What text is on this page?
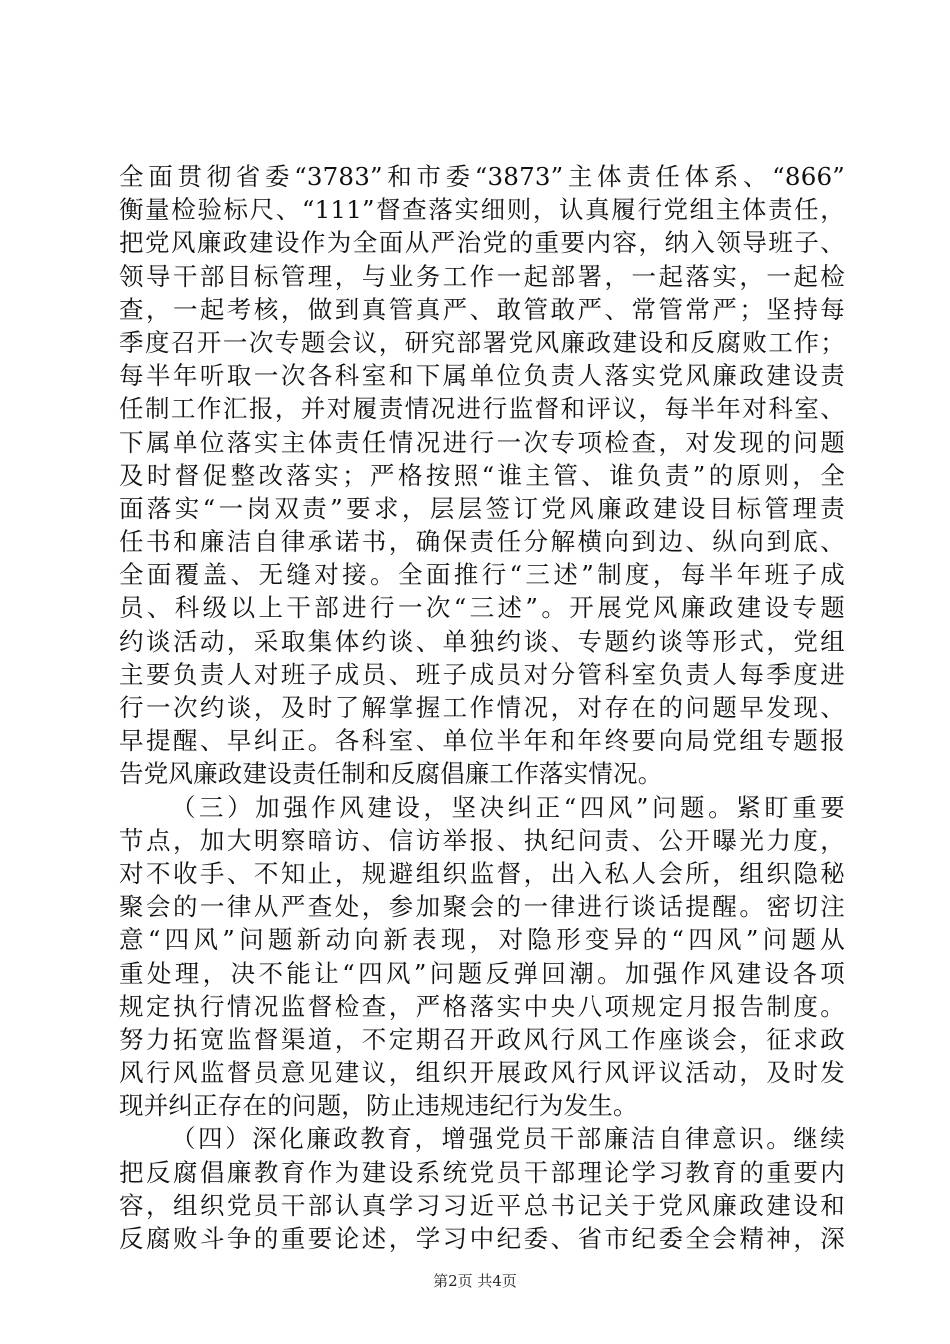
全面贯彻省委“3783”和市委“3873”主体责任体系、“866”
衡量检验标尺、“111”督查落实细则，认真履行党组主体责任，
把党风廉政建设作为全面从严治党的重要内容，纳入领导班子、
领导干部目标管理，与业务工作一起部署，一起落实，一起检
查，一起考核，做到真管真严、敢管敢严、常管常严；坚持每
季度召开一次专题会议，研究部署党风廉政建设和反腐败工作；
每半年听取一次各科室和下属单位负责人落实党风廉政建设责
任制工作汇报，并对履责情况进行监督和评议，每半年对科室、
下属单位落实主体责任情况进行一次专项检查，对发现的问题
及时督促整改落实；严格按照“谁主管、谁负责”的原则，全
面落实“一岗双责”要求，层层签订党风廉政建设目标管理责
任书和廉洁自律承诺书，确保责任分解横向到边、纵向到底、
全面覆盖、无缝对接。全面推行“三述”制度，每半年班子成
员、科级以上干部进行一次“三述”。开展党风廉政建设专题
约谈活动，采取集体约谈、单独约谈、专题约谈等形式，党组
主要负责人对班子成员、班子成员对分管科室负责人每季度进
行一次约谈，及时了解掌握工作情况，对存在的问题早发现、
早提醒、早纠正。各科室、单位半年和年终要向局党组专题报
告党风廉政建设责任制和反腐倡廉工作落实情况。
（三）加强作风建设，坚决纠正“四风”问题。紧盯重要
节点，加大明察暗访、信访举报、执纪问责、公开曝光力度，
对不收手、不知止，规避组织监督，出入私人会所，组织隐秘
聚会的一律从严查处，参加聚会的一律进行谈话提醒。密切注
意“四风”问题新动向新表现，对隐形变异的“四风”问题从
重处理，决不能让“四风”问题反弹回潮。加强作风建设各项
规定执行情况监督检查，严格落实中央八项规定月报告制度。
努力拓宽监督渠道，不定期召开政风行风工作座谈会，征求政
风行风监督员意见建议，组织开展政风行风评议活动，及时发
现并纠正存在的问题，防止违规违纪行为发生。
（四）深化廉政教育，增强党员干部廉洁自律意识。继续
把反腐倡廉教育作为建设系统党员干部理论学习教育的重要内
容，组织党员干部认真学习习近平总书记关于党风廉政建设和
反腐败斗争的重要论述，学习中纪委、省市纪委全会精神，深
第2页 共4页
